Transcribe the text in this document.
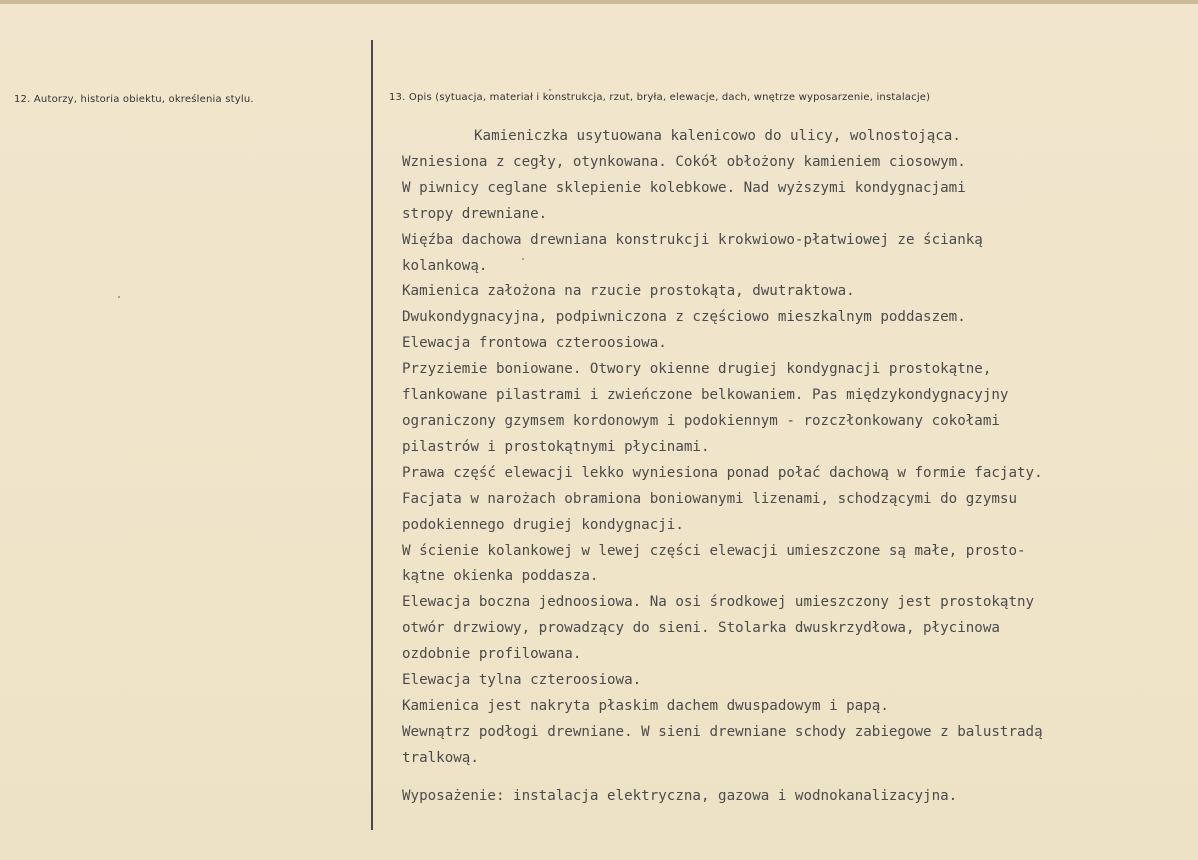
12. Autorzy, historia obiektu, określenia stylu.	13. Opis (sytuacja, materiał i konstrukcja, rzut, bryła, elewacje, dach, wnętrze wyposarzenie, instalacje)
Kamieniczka usytuowana kalenicowo do ulicy, wolnostojąca.
Wzniesiona z cegły, otynkowana. Cokół obłożony kamieniem ciosowym.
W piwnicy ceglane sklepienie kolebkowe. Nad wyższymi kondygnacjami
stropy drewniane.
Więźba dachowa drewniana konstrukcji krokwiowo-płatwiowej ze ścianką
kolankową.
Kamienica założona na rzucie prostokąta, dwutraktowa.
Dwukondygnacyjna, podpiwniczona z częściowo mieszkalnym poddaszem.
Elewacja frontowa czteroosiowa.
Przyziemie boniowane. Otwory okienne drugiej kondygnacji prostokątne,
flankowane pilastrami i zwieńczone belkowaniem. Pas międzykondygnacyjny
ograniczony gzymsem kordonowym i podokiennym - rozczłonkowany cokołami
pilastrów i prostokątnymi płycinami.
Prawa część elewacji lekko wyniesiona ponad połać dachową w formie facjaty.
Facjata w narożach obramiona boniowanymi lizenami, schodzącymi do gzymsu
podokiennego drugiej kondygnacji.
W ścienie kolankowej w lewej części elewacji umieszczone są małe, prosto-
kątne okienka poddasza.
Elewacja boczna jednoosiowa. Na osi środkowej umieszczony jest prostokątny
otwór drzwiowy, prowadzący do sieni. Stolarka dwuskrzydłowa, płycinowa
ozdobnie profilowana.
Elewacja tylna czteroosiowa.
Kamienica jest nakryta płaskim dachem dwuspadowym i papą.
Wewnątrz podłogi drewniane. W sieni drewniane schody zabiegowe z balustradą
tralkową.
Wyposażenie: instalacja elektryczna, gazowa i wodnokanalizacyjna.
